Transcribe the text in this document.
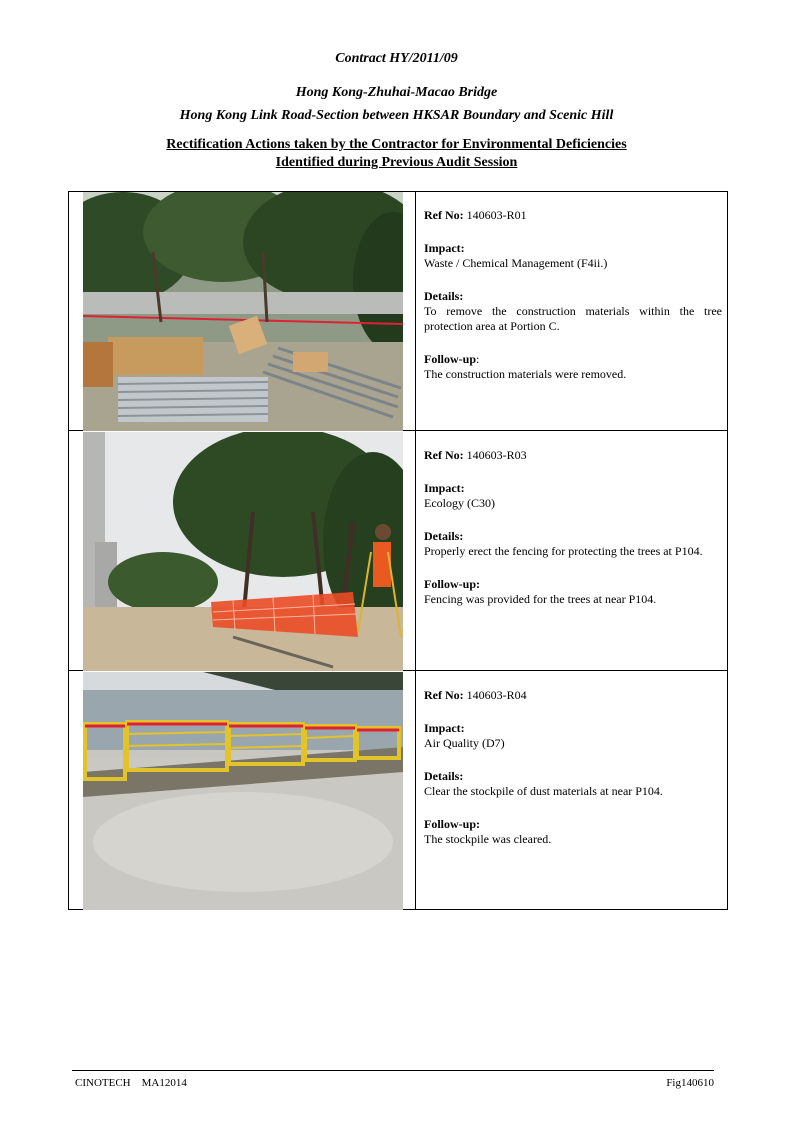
Contract HY/2011/09
Hong Kong-Zhuhai-Macao Bridge
Hong Kong Link Road-Section between HKSAR Boundary and Scenic Hill
Rectification Actions taken by the Contractor for Environmental Deficiencies
Identified during Previous Audit Session
Ref No: 140603-R01
Impact:
Waste / Chemical Management (F4ii.)
Details:
To remove the construction materials within the tree protection area at Portion C.
Follow-up:
The construction materials were removed.
Ref No: 140603-R03
Impact:
Ecology (C30)
Details:
Properly erect the fencing for protecting the trees at P104.
Follow-up:
Fencing was provided for the trees at near P104.
Ref No: 140603-R04
Impact:
Air Quality (D7)
Details:
Clear the stockpile of dust materials at near P104.
Follow-up:
The stockpile was cleared.
CINOTECH    MA12014	Fig140610
